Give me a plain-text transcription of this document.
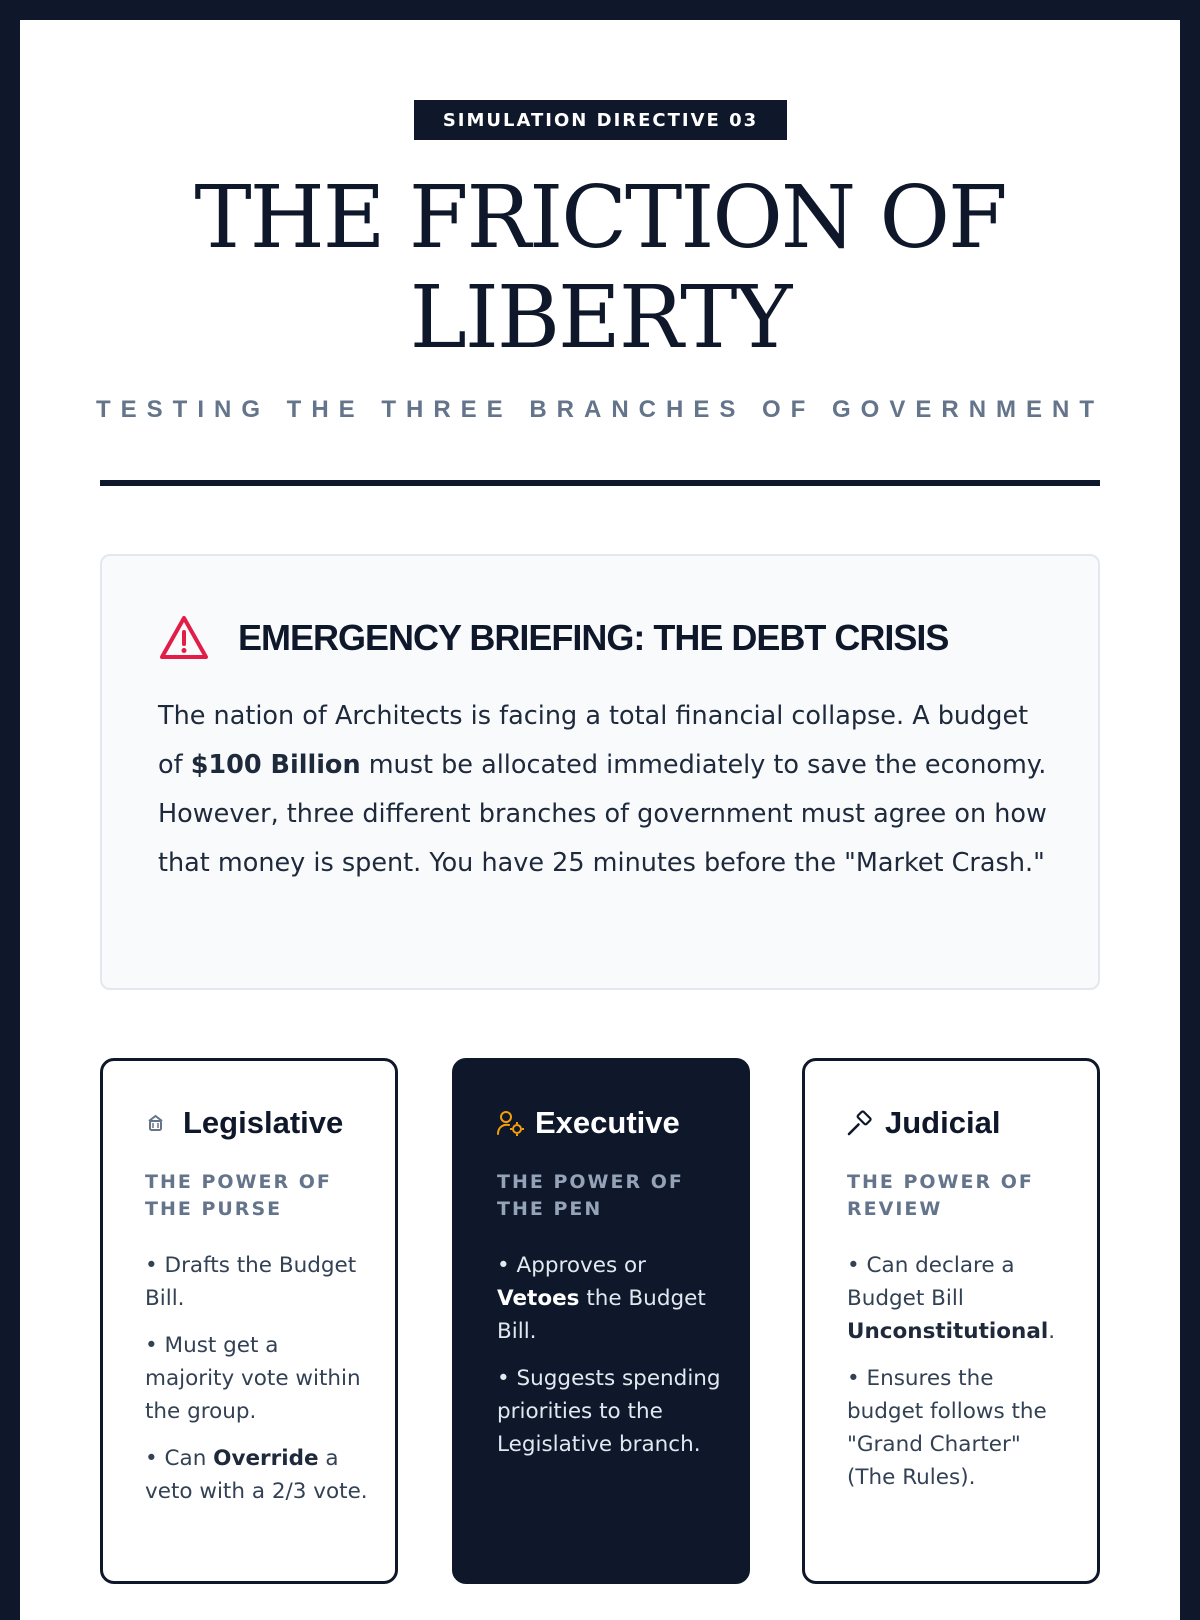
SIMULATION DIRECTIVE 03
THE FRICTION OF LIBERTY
TESTING THE THREE BRANCHES OF GOVERNMENT
EMERGENCY BRIEFING: THE DEBT CRISIS

The nation of Architects is facing a total financial collapse. A budget of $100 Billion must be allocated immediately to save the economy. However, three different branches of government must agree on how that money is spent. You have 25 minutes before the "Market Crash."

Legislative
THE POWER OF THE PURSE
• Drafts the Budget Bill.
• Must get a majority vote within the group.
• Can Override a veto with a 2/3 vote.
Executive
THE POWER OF THE PEN
• Approves or Vetoes the Budget Bill.
• Suggests spending priorities to the Legislative branch.
Judicial
THE POWER OF REVIEW
• Can declare a Budget Bill Unconstitutional.
• Ensures the budget follows the "Grand Charter" (The Rules).
